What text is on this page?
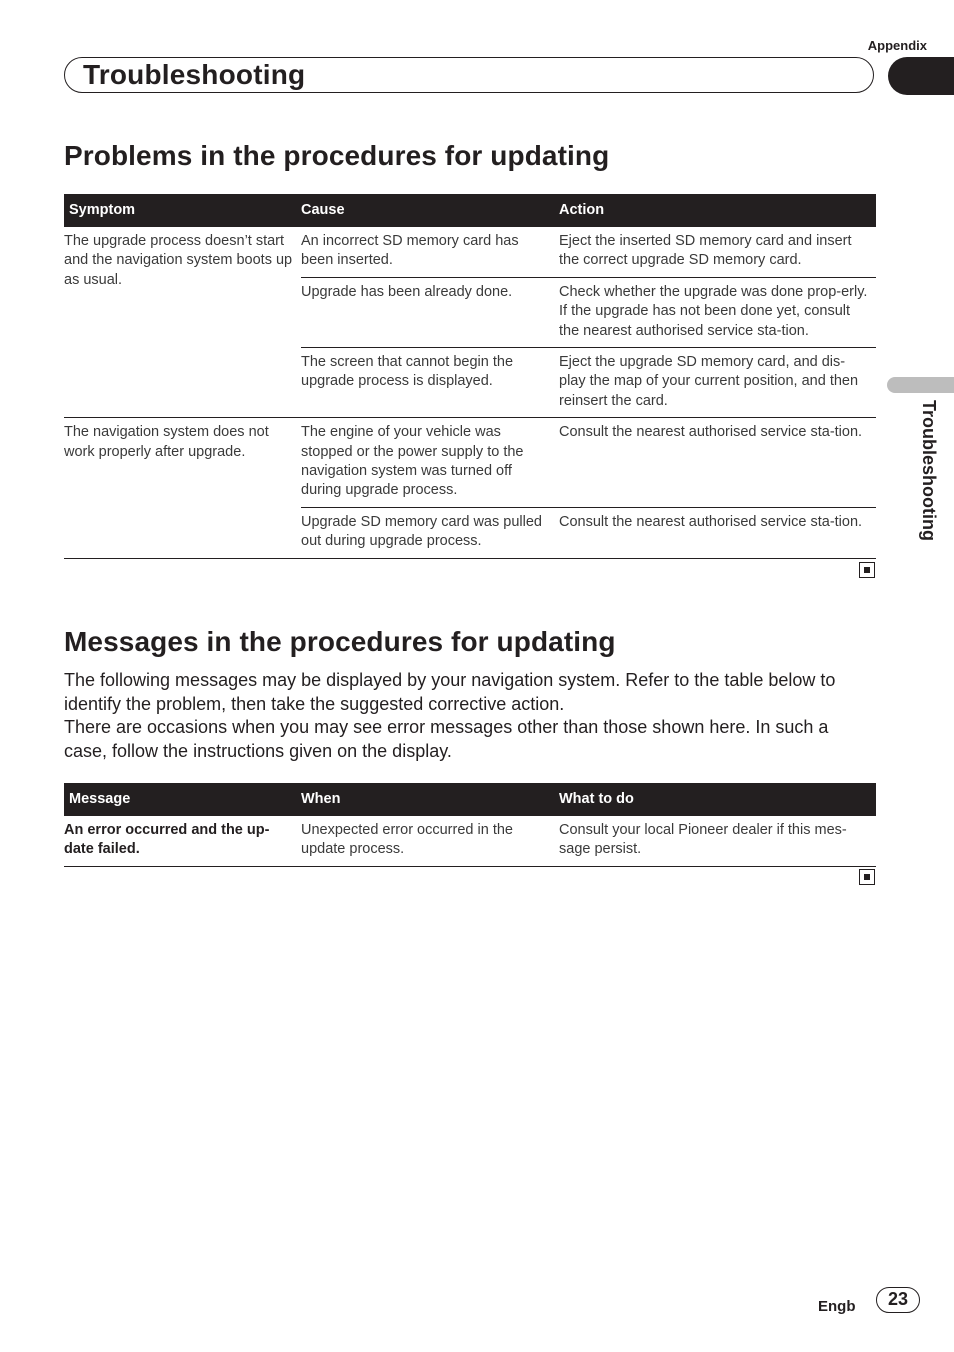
Appendix
Troubleshooting
Troubleshooting
Problems in the procedures for updating
Symptom	Cause	Action
The upgrade process doesn’t start and the navigation system boots up as usual.	An incorrect SD memory card has been inserted.	Eject the inserted SD memory card and insert the correct upgrade SD memory card.
	Upgrade has been already done.	Check whether the upgrade was done prop-erly. If the upgrade has not been done yet, consult the nearest authorised service sta-tion.
	The screen that cannot begin the upgrade process is displayed.	Eject the upgrade SD memory card, and dis-play the map of your current position, and then reinsert the card.
The navigation system does not work properly after upgrade.	The engine of your vehicle was stopped or the power supply to the navigation system was turned off during upgrade process.	Consult the nearest authorised service sta-tion.
	Upgrade SD memory card was pulled out during upgrade process.	Consult the nearest authorised service sta-tion.
Messages in the procedures for updating

The following messages may be displayed by your navigation system. Refer to the table below to identify the problem, then take the suggested corrective action.

There are occasions when you may see error messages other than those shown here. In such a case, follow the instructions given on the display.

Message	When	What to do
An error occurred and the up-date failed.	Unexpected error occurred in the update process.	Consult your local Pioneer dealer if this mes-sage persist.
Engb	23
